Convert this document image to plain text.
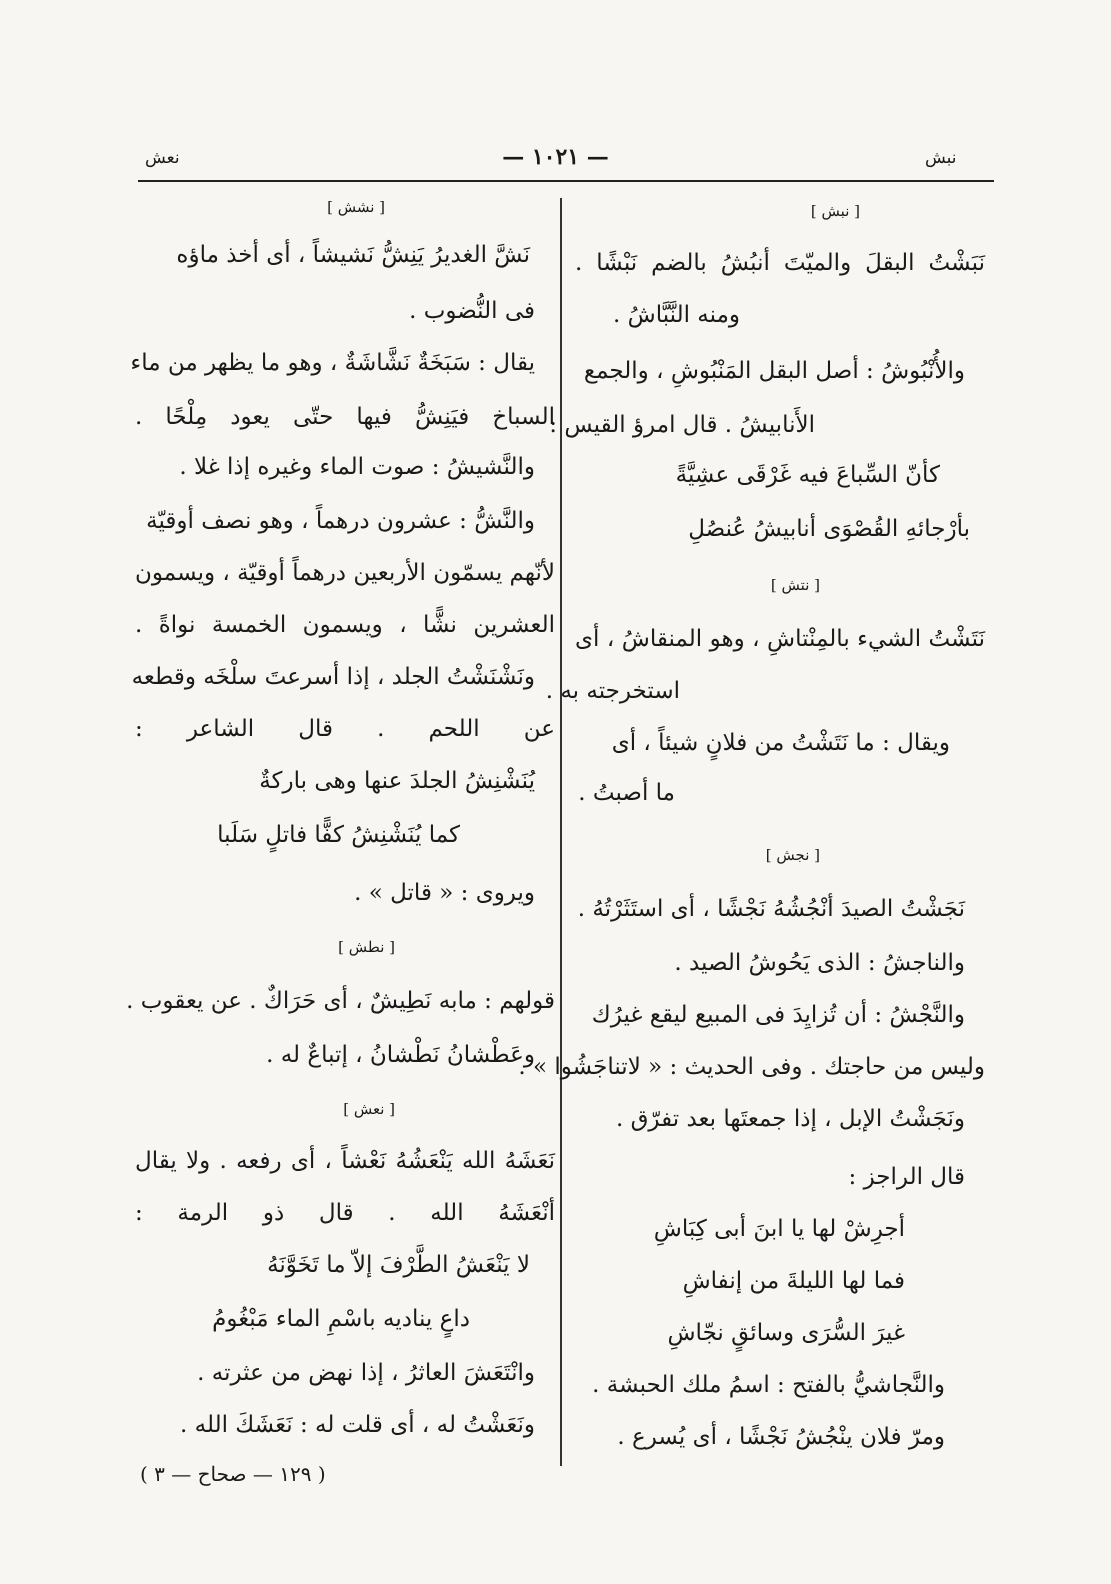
نعش	— ١٠٢١ —	نبش
[ نبش ]
نَبَشْتُ البقلَ والميّتَ أنبُشُ بالضم نَبْشًا .
ومنه النَّبَّاشُ .
والأُنْبُوشُ : أصل البقل المَنْبُوشِ ، والجمع
الأَنابيشُ . قال امرؤ القيس :
كأنّ السِّباعَ فيه غَرْقَى عشِيَّةً
بأرْجائهِ القُصْوَى أنابيشُ عُنصُلِ
[ نتش ]
نَتَشْتُ الشيء بالمِنْتاشِ ، وهو المنقاشُ ، أى
استخرجته به .
ويقال : ما نَتَشْتُ من فلانٍ شيئاً ، أى
ما أصبتُ .
[ نجش ]
نَجَشْتُ الصيدَ أنْجُشُهُ نَجْشًا ، أى استَثَرْتُهُ .
والناجشُ : الذى يَحُوشُ الصيد .
والنَّجْشُ : أن تُزايِدَ فى المبيع ليقع غيرُك
وليس من حاجتك . وفى الحديث : « لاتناجَشُوا » .
ونَجَشْتُ الإبل ، إذا جمعتَها بعد تفرّق .
قال الراجز :
أجرِشْ لها يا ابنَ أبى كِبَاشِ
فما لها الليلةَ من إنفاشِ
غيرَ السُّرَى وسائقٍ نجّاشِ
والنَّجاشيُّ بالفتح : اسمُ ملك الحبشة .
ومرّ فلان ينْجُشُ نَجْشًا ، أى يُسرع .
[ نشش ]
نَشَّ الغديرُ يَنِشُّ نَشيشاً ، أى أخذ ماؤه
فى النُّضوب .
يقال : سَبَخَةٌ نَشَّاشَةٌ ، وهو ما يظهر من ماء
السباخ فيَنِشُّ فيها حتّى يعود مِلْحًا .
والنَّشيشُ : صوت الماء وغيره إذا غلا .
والنَّشُّ : عشرون درهماً ، وهو نصف أوقيّة
لأنّهم يسمّون الأربعين درهماً أوقيّة ، ويسمون
العشرين نشًّا ، ويسمون الخمسة نواةً .
ونَشْنَشْتُ الجلد ، إذا أسرعتَ سلْخَه وقطعه
عن اللحم . قال الشاعر :
يُنَشْنِشُ الجلدَ عنها وهى باركةٌ
كما يُنَشْنِشُ كفًّا فاتلٍ سَلَبا
ويروى : « قاتل » .
[ نطش ]
قولهم : مابه نَطِيشٌ ، أى حَرَاكٌ . عن يعقوب .
وعَطْشانُ نَطْشانُ ، إتباعٌ له .
[ نعش ]
نَعَشَهُ الله يَنْعَشُهُ نَعْشاً ، أى رفعه . ولا يقال
أنْعَشَهُ الله . قال ذو الرمة :
لا يَنْعَشُ الطَّرْفَ إلاّ ما تَخَوَّنَهُ
داعٍ يناديه باسْمِ الماء مَبْغُومُ
وانْتَعَشَ العاثرُ ، إذا نهض من عثرته .
ونَعَشْتُ له ، أى قلت له : نَعَشَكَ الله .
( ١٢٩ — صحاح — ٣ )
